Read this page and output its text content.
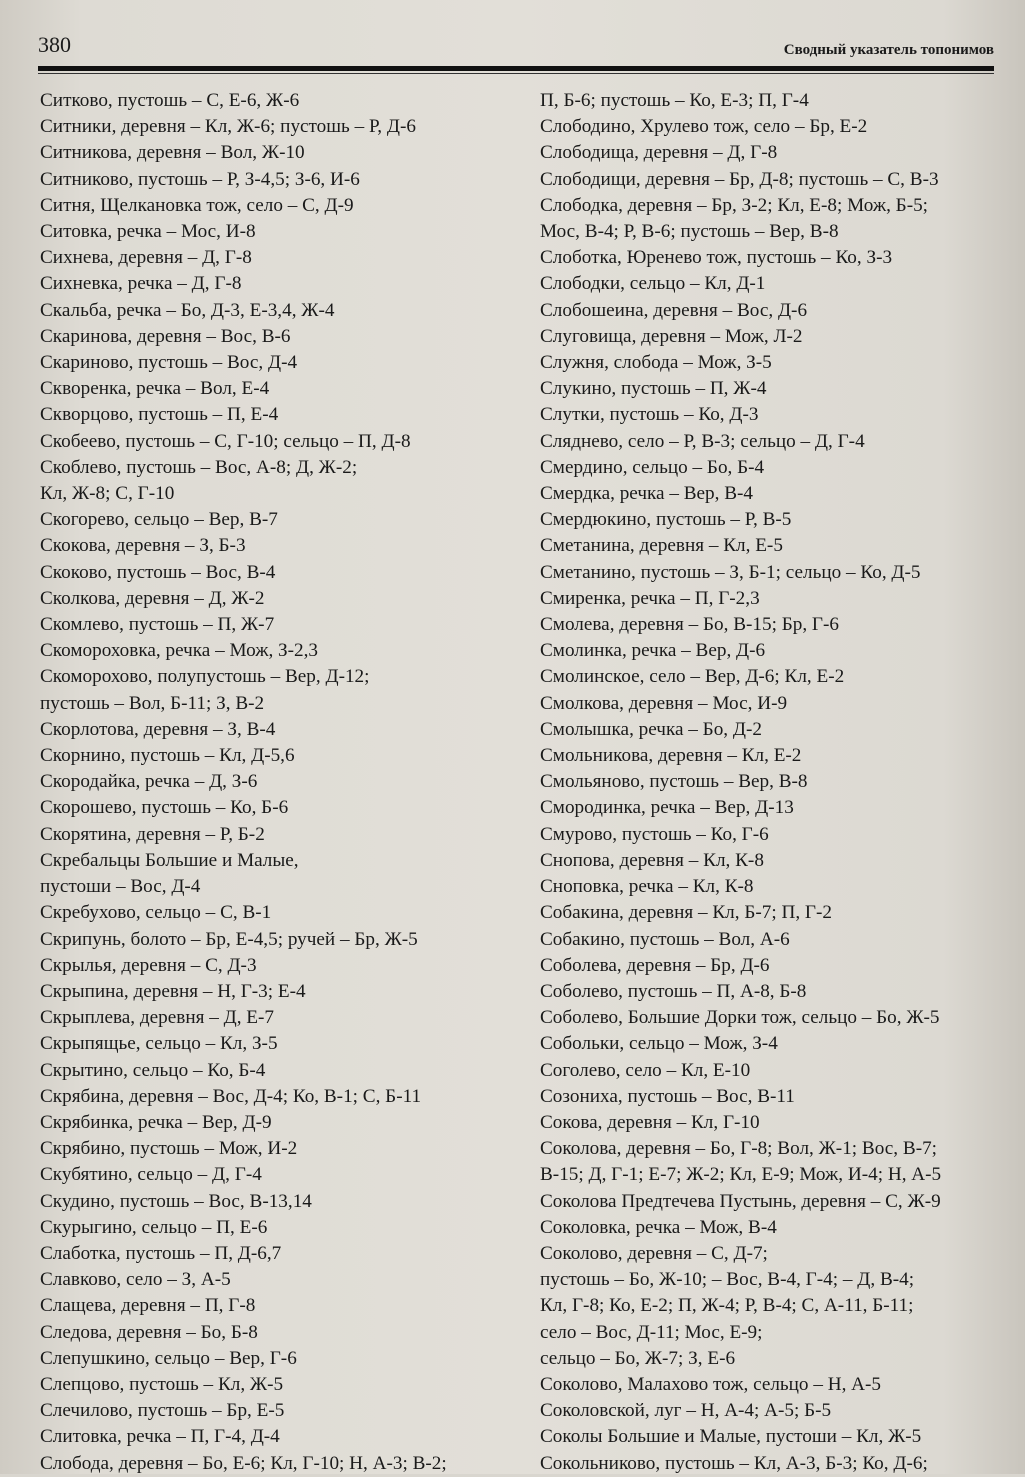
380	Сводный указатель топонимов
Ситково, пустошь – С, Е-6, Ж-6
Ситники, деревня – Кл, Ж-6; пустошь – Р, Д-6
Ситникова, деревня – Вол, Ж-10
Ситниково, пустошь – Р, З-4,5; З-6, И-6
Ситня, Щелкановка тож, село – С, Д-9
Ситовка, речка – Мос, И-8
Сихнева, деревня – Д, Г-8
Сихневка, речка – Д, Г-8
Скальба, речка – Бо, Д-3, Е-3,4, Ж-4
Скаринова, деревня – Вос, В-6
Скариново, пустошь – Вос, Д-4
Скворенка, речка – Вол, Е-4
Скворцово, пустошь – П, Е-4
Скобеево, пустошь – С, Г-10; сельцо – П, Д-8
Скоблево, пустошь – Вос, А-8; Д, Ж-2;
Кл, Ж-8; С, Г-10
Скогорево, сельцо – Вер, В-7
Скокова, деревня – З, Б-3
Скоково, пустошь – Вос, В-4
Сколкова, деревня – Д, Ж-2
Скомлево, пустошь – П, Ж-7
Скомороховка, речка – Мож, З-2,3
Скоморохово, полупустошь – Вер, Д-12;
пустошь – Вол, Б-11; З, В-2
Скорлотова, деревня – З, В-4
Скорнино, пустошь – Кл, Д-5,6
Скородайка, речка – Д, З-6
Скорошево, пустошь – Ко, Б-6
Скорятина, деревня – Р, Б-2
Скребальцы Большие и Малые,
пустоши – Вос, Д-4
Скребухово, сельцо – С, В-1
Скрипунь, болото – Бр, Е-4,5; ручей – Бр, Ж-5
Скрылья, деревня – С, Д-3
Скрыпина, деревня – Н, Г-3; Е-4
Скрыплева, деревня – Д, Е-7
Скрыпящье, сельцо – Кл, З-5
Скрытино, сельцо – Ко, Б-4
Скрябина, деревня – Вос, Д-4; Ко, В-1; С, Б-11
Скрябинка, речка – Вер, Д-9
Скрябино, пустошь – Мож, И-2
Скубятино, сельцо – Д, Г-4
Скудино, пустошь – Вос, В-13,14
Скурыгино, сельцо – П, Е-6
Слаботка, пустошь – П, Д-6,7
Славково, село – З, А-5
Слащева, деревня – П, Г-8
Следова, деревня – Бо, Б-8
Слепушкино, сельцо – Вер, Г-6
Слепцово, пустошь – Кл, Ж-5
Слечилово, пустошь – Бр, Е-5
Слитовка, речка – П, Г-4, Д-4
Слобода, деревня – Бо, Е-6; Кл, Г-10; Н, А-3; В-2;
П, Б-6; пустошь – Ко, Е-3; П, Г-4
Слободино, Хрулево тож, село – Бр, Е-2
Слободища, деревня – Д, Г-8
Слободищи, деревня – Бр, Д-8; пустошь – С, В-3
Слободка, деревня – Бр, З-2; Кл, Е-8; Мож, Б-5;
Мос, В-4; Р, В-6; пустошь – Вер, В-8
Слоботка, Юренево тож, пустошь – Ко, З-3
Слободки, сельцо – Кл, Д-1
Слобошеина, деревня – Вос, Д-6
Слуговища, деревня – Мож, Л-2
Служня, слобода – Мож, З-5
Слукино, пустошь – П, Ж-4
Слутки, пустошь – Ко, Д-3
Сляднево, село – Р, В-3; сельцо – Д, Г-4
Смердино, сельцо – Бо, Б-4
Смердка, речка – Вер, В-4
Смердюкино, пустошь – Р, В-5
Сметанина, деревня – Кл, Е-5
Сметанино, пустошь – З, Б-1; сельцо – Ко, Д-5
Смиренка, речка – П, Г-2,3
Смолева, деревня – Бо, В-15; Бр, Г-6
Смолинка, речка – Вер, Д-6
Смолинское, село – Вер, Д-6; Кл, Е-2
Смолкова, деревня – Мос, И-9
Смолышка, речка – Бо, Д-2
Смольникова, деревня – Кл, Е-2
Смольяново, пустошь – Вер, В-8
Смородинка, речка – Вер, Д-13
Смурово, пустошь – Ко, Г-6
Снопова, деревня – Кл, К-8
Сноповка, речка – Кл, К-8
Собакина, деревня – Кл, Б-7; П, Г-2
Собакино, пустошь – Вол, А-6
Соболева, деревня – Бр, Д-6
Соболево, пустошь – П, А-8, Б-8
Соболево, Большие Дорки тож, сельцо – Бо, Ж-5
Собольки, сельцо – Мож, З-4
Соголево, село – Кл, Е-10
Созониха, пустошь – Вос, В-11
Сокова, деревня – Кл, Г-10
Соколова, деревня – Бо, Г-8; Вол, Ж-1; Вос, В-7;
В-15; Д, Г-1; Е-7; Ж-2; Кл, Е-9; Мож, И-4; Н, А-5
Соколова Предтечева Пустынь, деревня – С, Ж-9
Соколовка, речка – Мож, В-4
Соколово, деревня – С, Д-7;
пустошь – Бо, Ж-10; – Вос, В-4, Г-4; – Д, В-4;
Кл, Г-8; Ко, Е-2; П, Ж-4; Р, В-4; С, А-11, Б-11;
село – Вос, Д-11; Мос, Е-9;
сельцо – Бо, Ж-7; З, Е-6
Соколово, Малахово тож, сельцо – Н, А-5
Соколовской, луг – Н, А-4; А-5; Б-5
Соколы Большие и Малые, пустоши – Кл, Ж-5
Сокольниково, пустошь – Кл, А-3, Б-3; Ко, Д-6;
